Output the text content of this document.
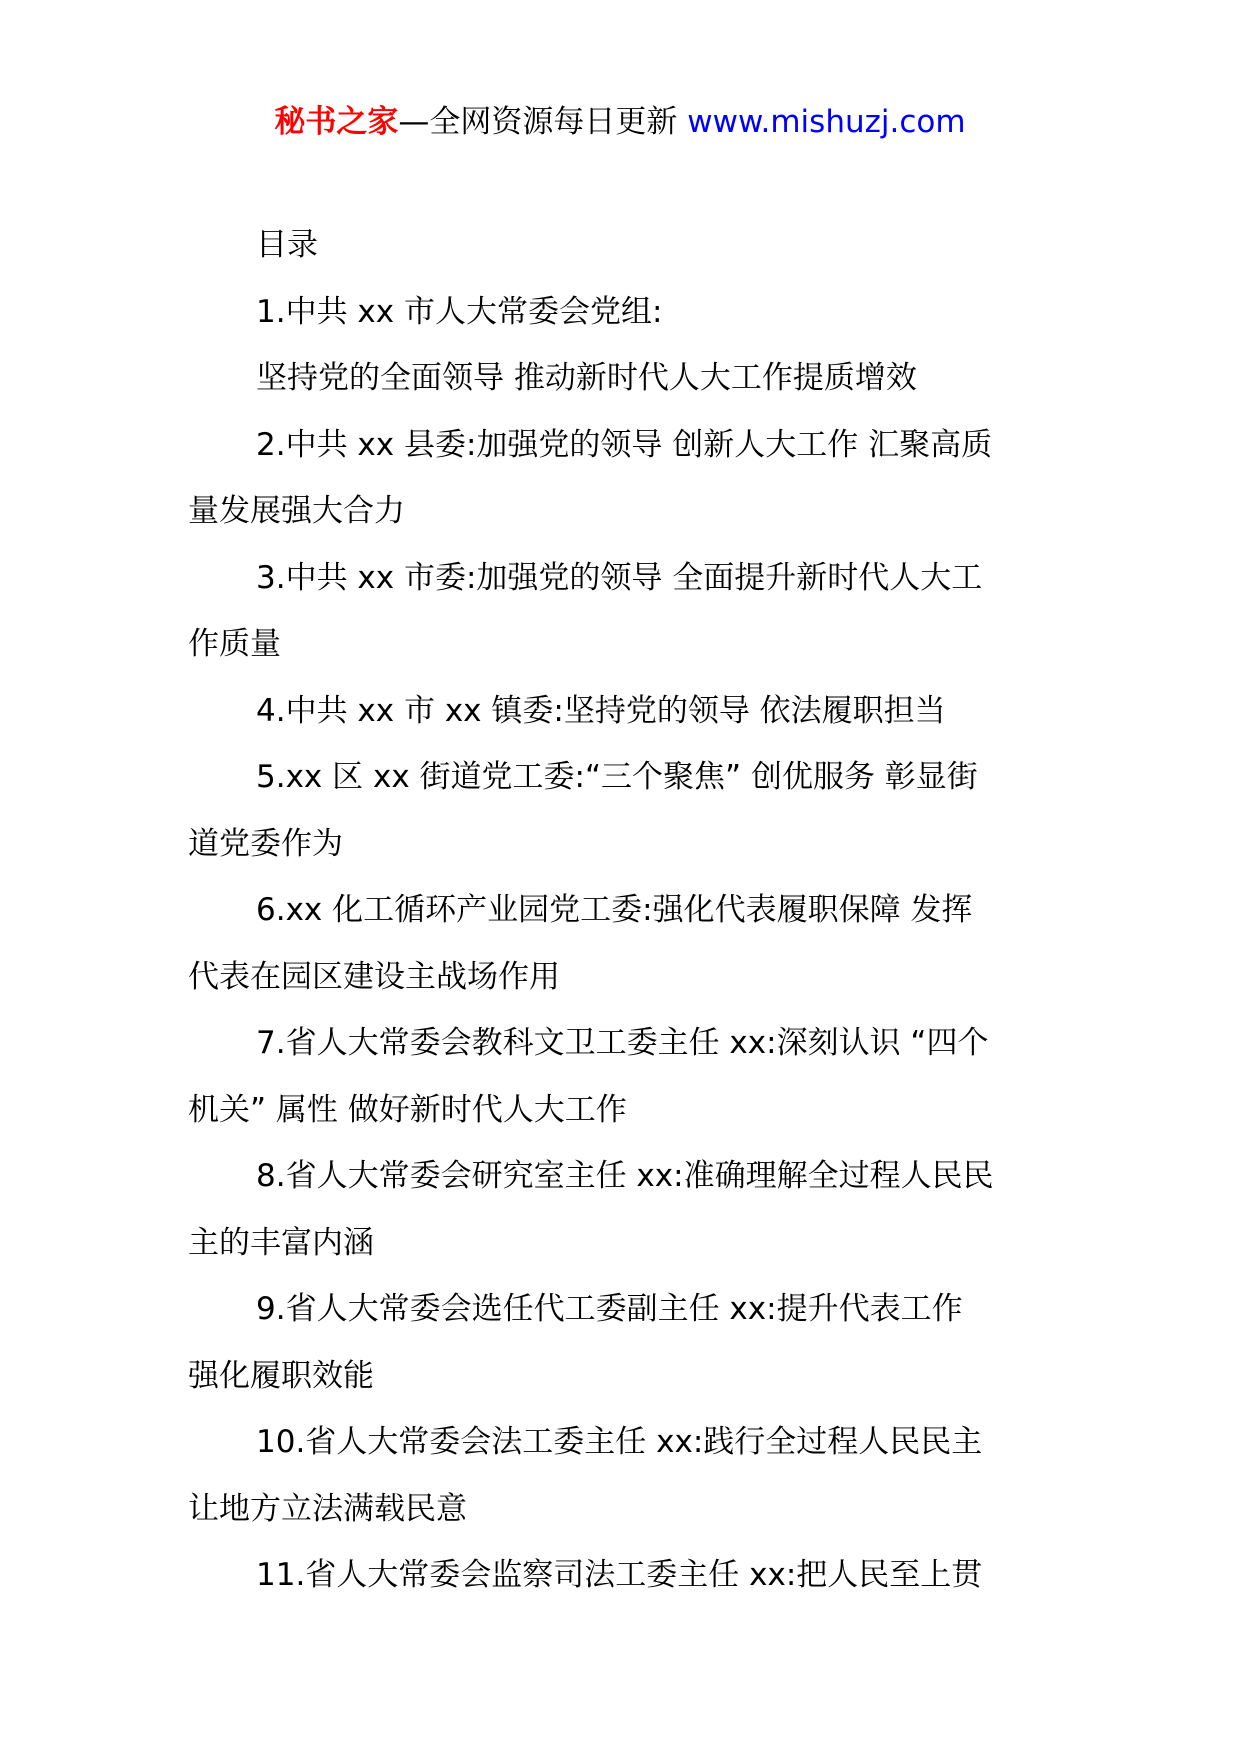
秘书之家—全网资源每日更新 www.mishuzj.com
目录
1.中共 xx 市人大常委会党组:
坚持党的全面领导 推动新时代人大工作提质增效
2.中共 xx 县委:加强党的领导 创新人大工作 汇聚高质
量发展强大合力
3.中共 xx 市委:加强党的领导 全面提升新时代人大工
作质量
4.中共 xx 市 xx 镇委:坚持党的领导 依法履职担当
5.xx 区 xx 街道党工委:“三个聚焦” 创优服务 彰显街
道党委作为
6.xx 化工循环产业园党工委:强化代表履职保障 发挥
代表在园区建设主战场作用
7.省人大常委会教科文卫工委主任 xx:深刻认识 “四个
机关” 属性 做好新时代人大工作
8.省人大常委会研究室主任 xx:准确理解全过程人民民
主的丰富内涵
9.省人大常委会选任代工委副主任 xx:提升代表工作
强化履职效能
10.省人大常委会法工委主任 xx:践行全过程人民民主
让地方立法满载民意
11.省人大常委会监察司法工委主任 xx:把人民至上贯
